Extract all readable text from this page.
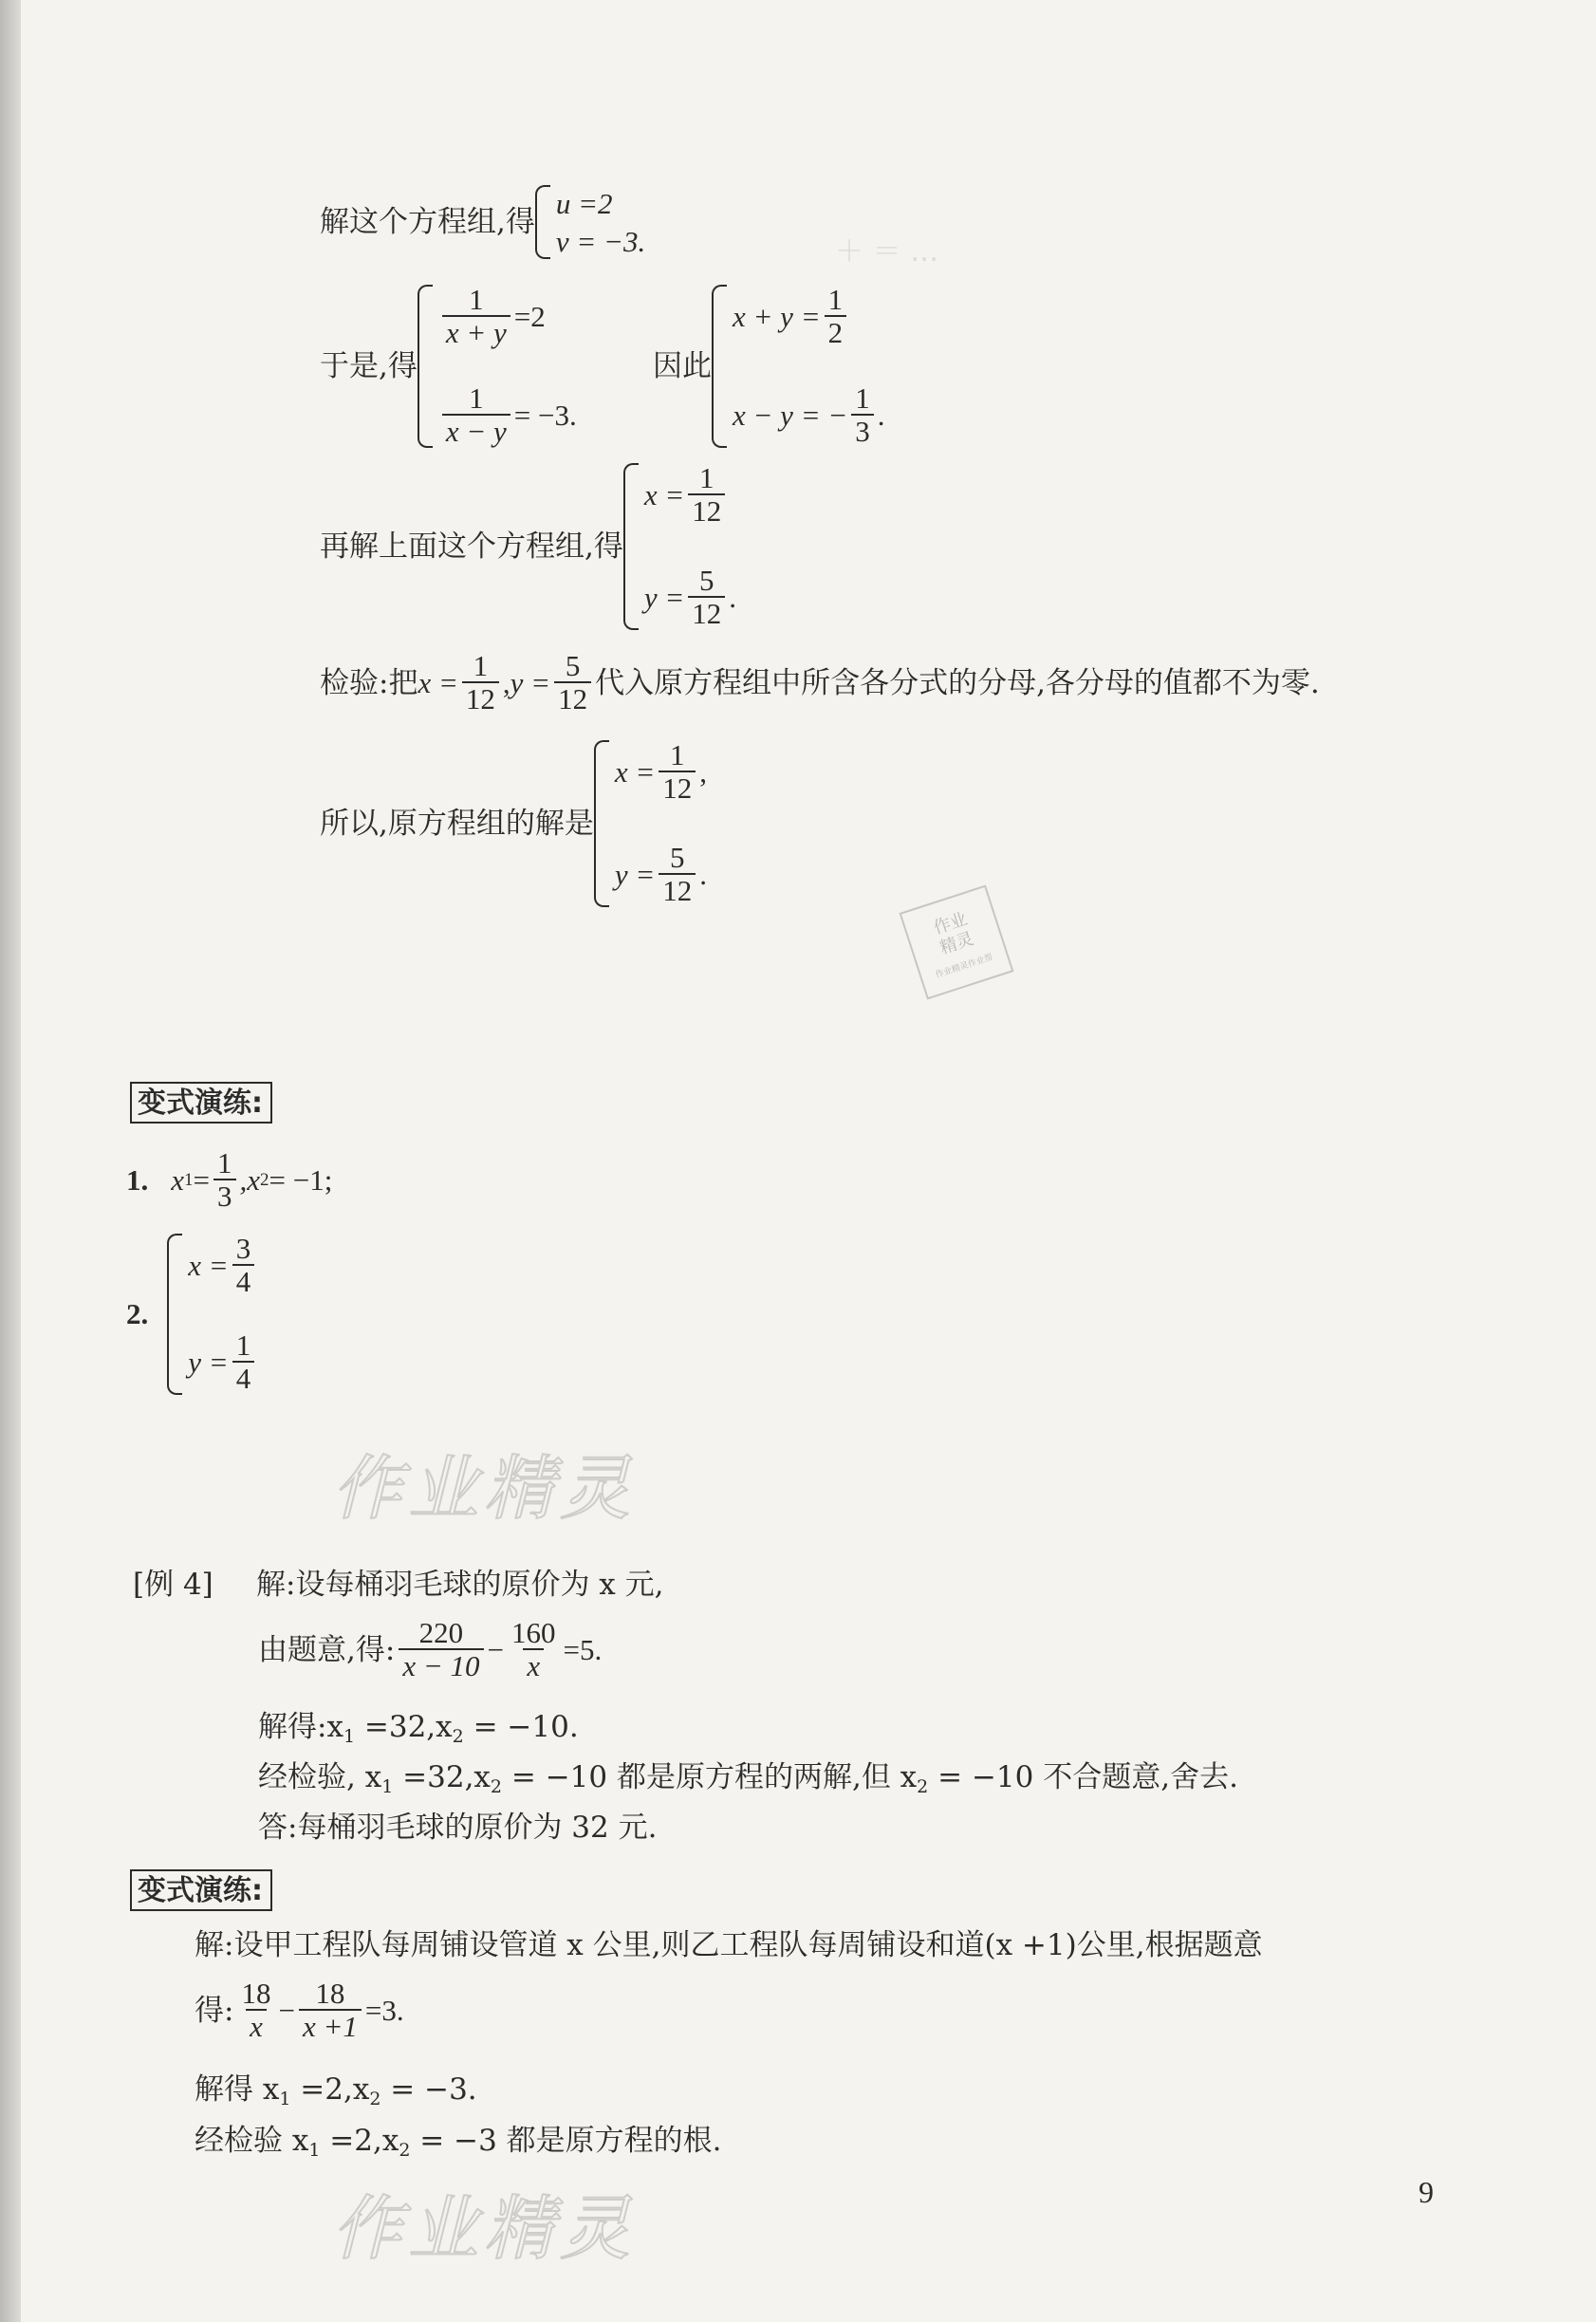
＋ ＝ …
作业
精灵
作业精灵作业帮
作业精灵
作业精灵
解这个方程组,得
u =2
v = −3.
于是,得
$\frac{1}{x + y} =2$
$\frac{1}{x - y} = -3$.
因此
$x + y = \frac{1}{2}$
x − y = − $\frac{1}{3}$ .
再解上面这个方程组,得
$x = \frac{1}{12}$
$y = \frac{5}{12}$ .
检验:把 $x = \frac{1}{12}$ , $y = \frac{5}{12}$ 代入原方程组中所含各分式的分母,各分母的值都不为零.
所以,原方程组的解是
$x = \frac{1}{12}$ ,
$y = \frac{5}{12}$ .
变式演练:
1. x $1 = \frac{1}{3} ,x$ 2 = −1;
2.
$x = \frac{3}{4}$
$y = \frac{1}{4}$
[例 4] 解:设每桶羽毛球的原价为 x 元,
由题意,得: $\frac{220}{x - 10} - \frac{160}{x} =5$.
解得$:x_1 =32,x_2 = -10$.
经检验, $x_1 =32,x_2 = -10$ 都是原方程的两解,但 $x_2 = -10$ 不合题意,舍去.
答:每桶羽毛球的原价为 32 元.
变式演练:
解:设甲工程队每周铺设管道 x 公里,则乙工程队每周铺设和道(x +1)公里,根据题意
得: $\frac{18}{x} - \frac{18}{x +1} =3$.
解得 $x_1 =2,x_2 = -3$.
经检验 $x_1 =2,x_2 = -3$ 都是原方程的根.
9
